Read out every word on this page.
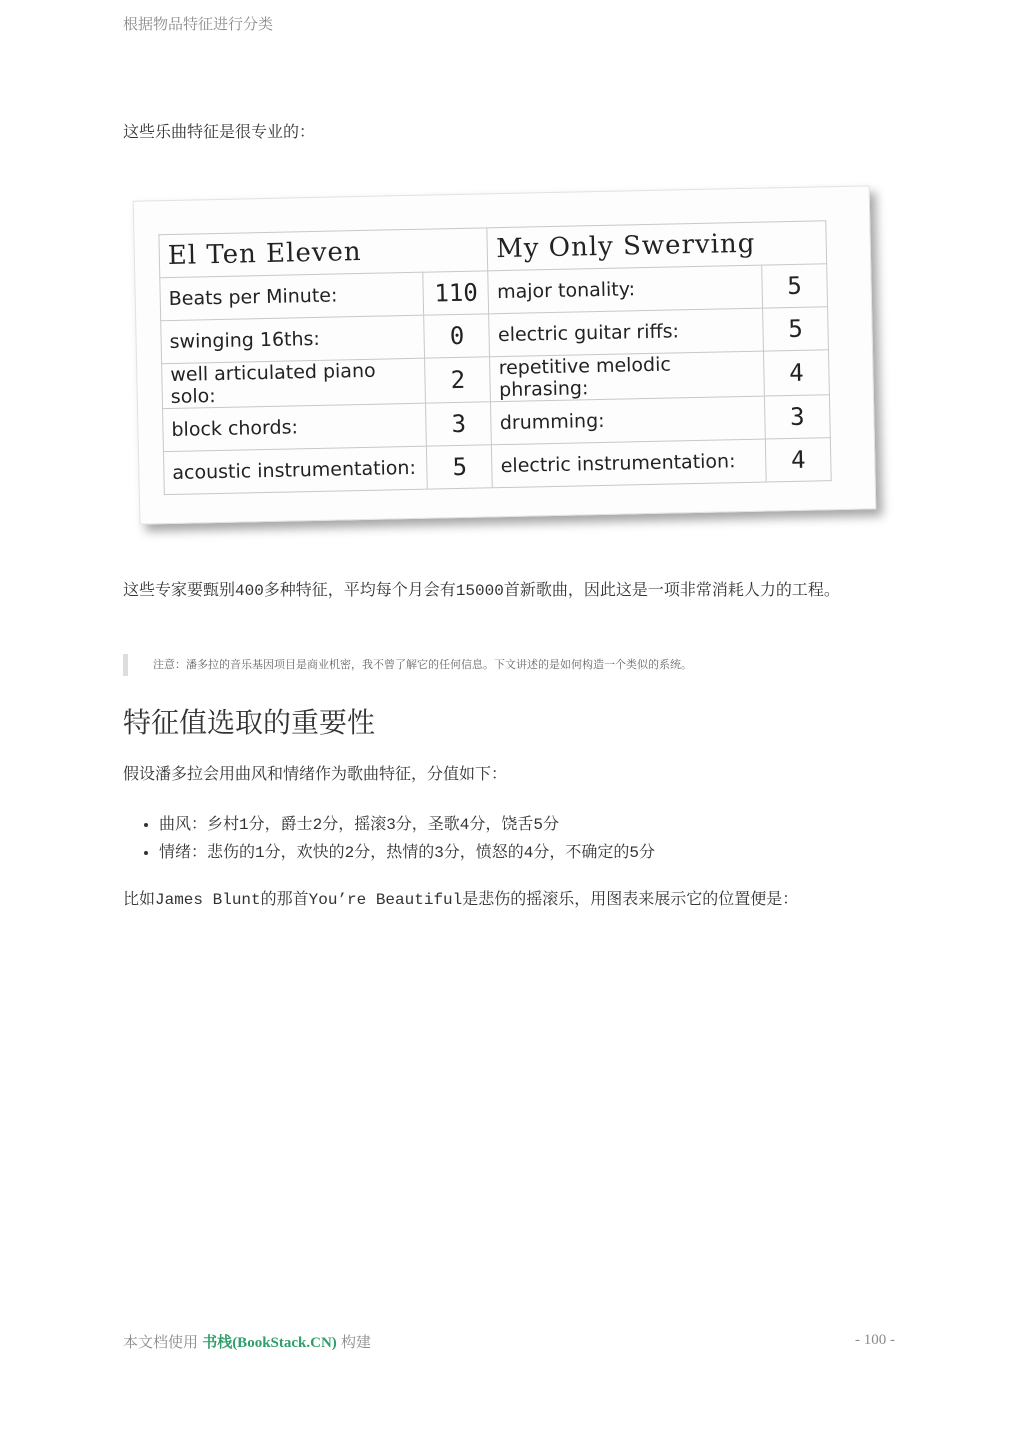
根据物品特征进行分类

这些乐曲特征是很专业的：

El Ten Eleven		My Only Swerving	
Beats per Minute:	110	major tonality:	5
swinging 16ths:	0	electric guitar riffs:	5
well articulated piano solo:	2	repetitive melodic phrasing:	4
block chords:	3	drumming:	3
acoustic instrumentation:	5	electric instrumentation:	4

这些专家要甄别400多种特征，平均每个月会有15000首新歌曲，因此这是一项非常消耗人力的工程。

注意：潘多拉的音乐基因项目是商业机密，我不曾了解它的任何信息。下文讲述的是如何构造一个类似的系统。
特征值选取的重要性

假设潘多拉会用曲风和情绪作为歌曲特征，分值如下：

• 曲风：乡村1分，爵士2分，摇滚3分，圣歌4分，饶舌5分
• 情绪：悲伤的1分，欢快的2分，热情的3分，愤怒的4分，不确定的5分

比如James Blunt的那首You’re Beautiful是悲伤的摇滚乐，用图表来展示它的位置便是：

本文档使用 书栈(BookStack.CN) 构建	- 100 -
